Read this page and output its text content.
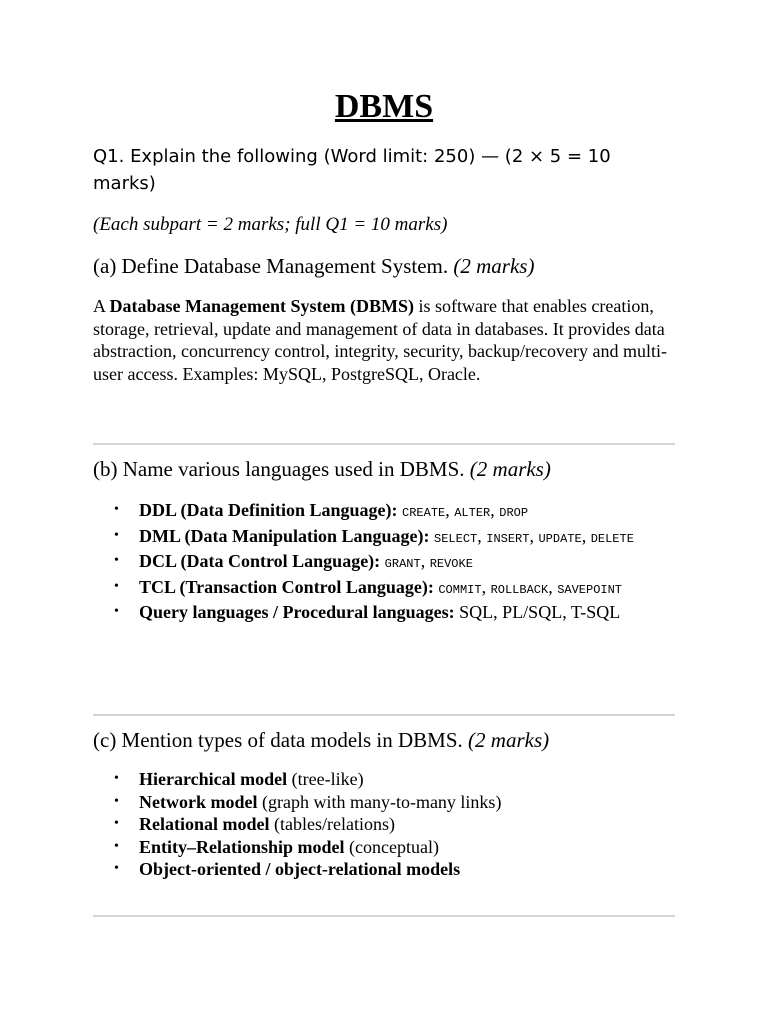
DBMS

Q1. Explain the following (Word limit: 250) — (2 × 5 = 10 marks)

(Each subpart = 2 marks; full Q1 = 10 marks)

(a) Define Database Management System. (2 marks)

A Database Management System (DBMS) is software that enables creation, storage, retrieval, update and management of data in databases. It provides data abstraction, concurrency control, integrity, security, backup/recovery and multi-user access. Examples: MySQL, PostgreSQL, Oracle.

(b) Name various languages used in DBMS. (2 marks)
• DDL (Data Definition Language): CREATE, ALTER, DROP
• DML (Data Manipulation Language): SELECT, INSERT, UPDATE, DELETE
• DCL (Data Control Language): GRANT, REVOKE
• TCL (Transaction Control Language): COMMIT, ROLLBACK, SAVEPOINT
• Query languages / Procedural languages: SQL, PL/SQL, T-SQL
(c) Mention types of data models in DBMS. (2 marks)
• Hierarchical model (tree-like)
• Network model (graph with many-to-many links)
• Relational model (tables/relations)
• Entity–Relationship model (conceptual)
• Object-oriented / object-relational models
